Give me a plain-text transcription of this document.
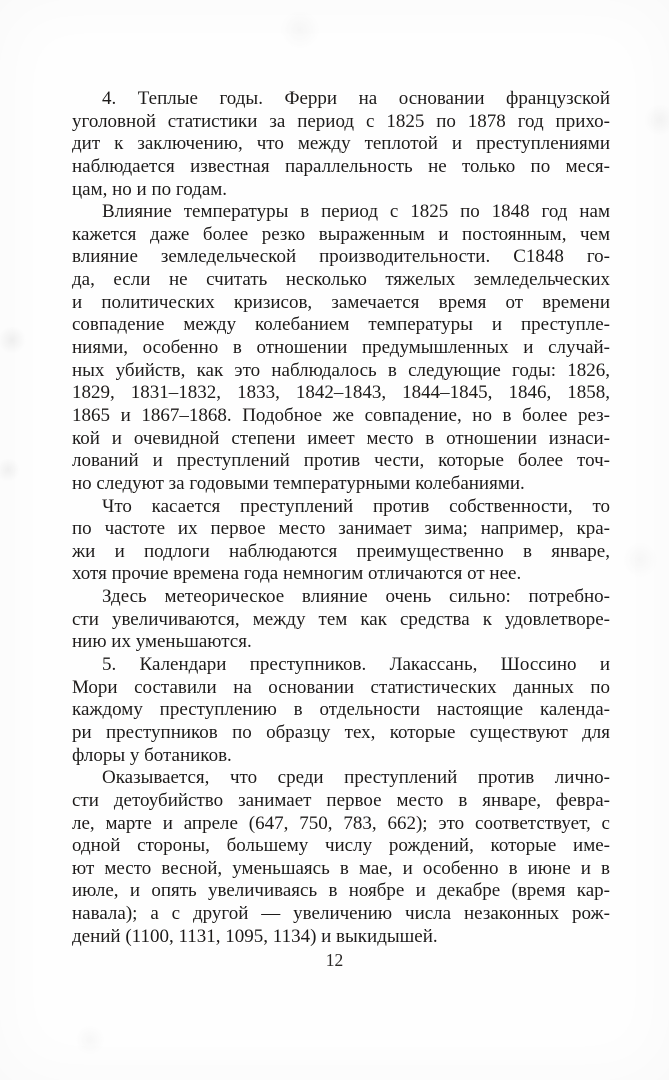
4. Теплые годы. Ферри на основании французской
уголовной статистики за период с 1825 по 1878 год прихо-
дит к заключению, что между теплотой и преступлениями
наблюдается известная параллельность не только по меся-
цам, но и по годам.
Влияние температуры в период с 1825 по 1848 год нам
кажется даже более резко выраженным и постоянным, чем
влияние земледельческой производительности. С1848 го-
да, если не считать несколько тяжелых земледельческих
и политических кризисов, замечается время от времени
совпадение между колебанием температуры и преступле-
ниями, особенно в отношении предумышленных и случай-
ных убийств, как это наблюдалось в следующие годы: 1826,
1829, 1831–1832, 1833, 1842–1843, 1844–1845, 1846, 1858,
1865 и 1867–1868. Подобное же совпадение, но в более рез-
кой и очевидной степени имеет место в отношении изнаси-
лований и преступлений против чести, которые более точ-
но следуют за годовыми температурными колебаниями.
Что касается преступлений против собственности, то
по частоте их первое место занимает зима; например, кра-
жи и подлоги наблюдаются преимущественно в январе,
хотя прочие времена года немногим отличаются от нее.
Здесь метеорическое влияние очень сильно: потребно-
сти увеличиваются, между тем как средства к удовлетворе-
нию их уменьшаются.
5. Календари преступников. Лакассань, Шоссино и
Мори составили на основании статистических данных по
каждому преступлению в отдельности настоящие календа-
ри преступников по образцу тех, которые существуют для
флоры у ботаников.
Оказывается, что среди преступлений против лично-
сти детоубийство занимает первое место в январе, февра-
ле, марте и апреле (647, 750, 783, 662); это соответствует, с
одной стороны, большему числу рождений, которые име-
ют место весной, уменьшаясь в мае, и особенно в июне и в
июле, и опять увеличиваясь в ноябре и декабре (время кар-
навала); а с другой — увеличению числа незаконных рож-
дений (1100, 1131, 1095, 1134) и выкидышей.
12
